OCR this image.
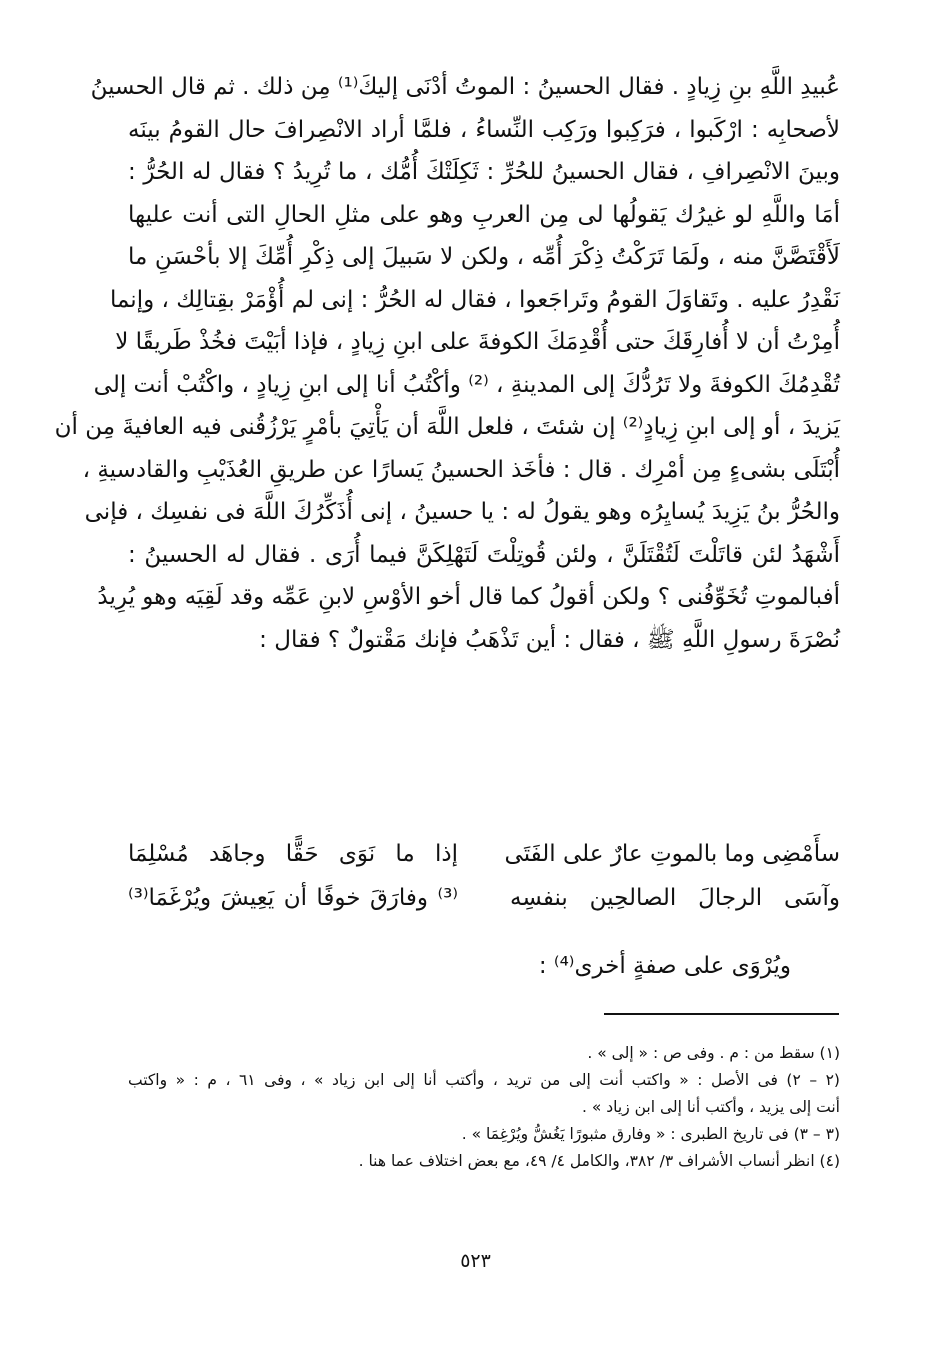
عُبيدِ اللَّهِ بنِ زِيادٍ . فقال الحسينُ : الموتُ أدْنَى إليكَ⁽¹⁾ مِن ذلك . ثم قال الحسينُ
لأصحابِه : ارْكَبوا ، فرَكِبوا ورَكِب النِّساءُ ، فلمَّا أراد الانْصِرافَ حال القومُ بينَه
وبينَ الانْصِرافِ ، فقال الحسينُ للحُرِّ : ثَكِلَتْكَ أُمُّك ، ما تُرِيدُ ؟ فقال له الحُرُّ :
أمَا واللَّهِ لو غيرُك يَقولُها لى مِن العربِ وهو على مثلِ الحالِ التى أنت عليها
لَأَقْتَصَّنَّ منه ، ولَمَا تَرَكْتُ ذِكْرَ أُمِّه ، ولكن لا سَبيلَ إلى ذِكْرِ أُمِّكَ إلا بأحْسَنِ ما
نَقْدِرُ عليه . وتَقاوَلَ القومُ وتَراجَعوا ، فقال له الحُرُّ : إنى لم أُؤْمَرْ بقِتالِك ، وإنما
أُمِرْتُ أن لا أُفارِقَكَ حتى أُقْدِمَكَ الكوفةَ على ابنِ زِيادٍ ، فإذا أبَيْتَ فخُذْ طَريقًا لا
تُقْدِمُكَ الكوفةَ ولا تَرُدُّكَ إلى المدينةِ ، ⁽²⁾ وأكْتُبُ أنا إلى ابنِ زِيادٍ ، واكْتُبْ أنت إلى
يَزيدَ ، أو إلى ابنِ زِيادٍ⁽²⁾ إن شئتَ ، فلعل اللَّهَ أن يَأْتِيَ بأمْرٍ يَرْزُقُنى فيه العافيةَ مِن أن
أُبْتَلَى بشىءٍ مِن أمْرِك . قال : فأخَذ الحسينُ يَسارًا عن طريقِ العُذَيْبِ والقادسيةِ ،
والحُرُّ بنُ يَزِيدَ يُسايِرُه وهو يقولُ له : يا حسينُ ، إنى أُذَكِّرُكَ اللَّهَ فى نفسِك ، فإنى
أَشْهَدُ لئن قاتَلْتَ لَتُقْتَلَنَّ ، ولئن قُوتِلْتَ لَتَهْلِكَنَّ فيما أُرَى . فقال له الحسينُ :
أفبالموتِ تُخَوِّفُنى ؟ ولكن أقولُ كما قال أخو الأوْسِ لابنِ عَمِّه وقد لَقِيَه وهو يُرِيدُ
نُصْرَةَ رسولِ اللَّهِ ﷺ ، فقال : أين تَذْهَبُ فإنك مَقْتولٌ ؟ فقال :
سأَمْضِى وما بالموتِ عارٌ على الفَتَى
إذا ما نَوَى حَقًّا وجاهَد مُسْلِمَا
وآسَى الرجالَ الصالحِين بنفسِه
⁽³⁾ وفارَقَ خوفًا أن يَعِيشَ ويُرْغَمَا⁽³⁾
ويُرْوَى على صفةٍ أخرى⁽⁴⁾ :
(١) سقط من : م . وفى ص : « إلى » .
(٢ – ٢) فى الأصل : « واكتب أنت إلى من تريد ، وأكتب أنا إلى ابن زياد » ، وفى ٦١ ، م : « واكتب
أنت إلى يزيد ، وأكتب أنا إلى ابن زياد » .
(٣ – ٣) فى تاريخ الطبرى : « وفارق مثبورًا يَغُشُّ ويُرْغِمَا » .
(٤) انظر أنساب الأشراف ٣/ ٣٨٢، والكامل ٤/ ٤٩، مع بعض اختلاف عما هنا .
٥٢٣
